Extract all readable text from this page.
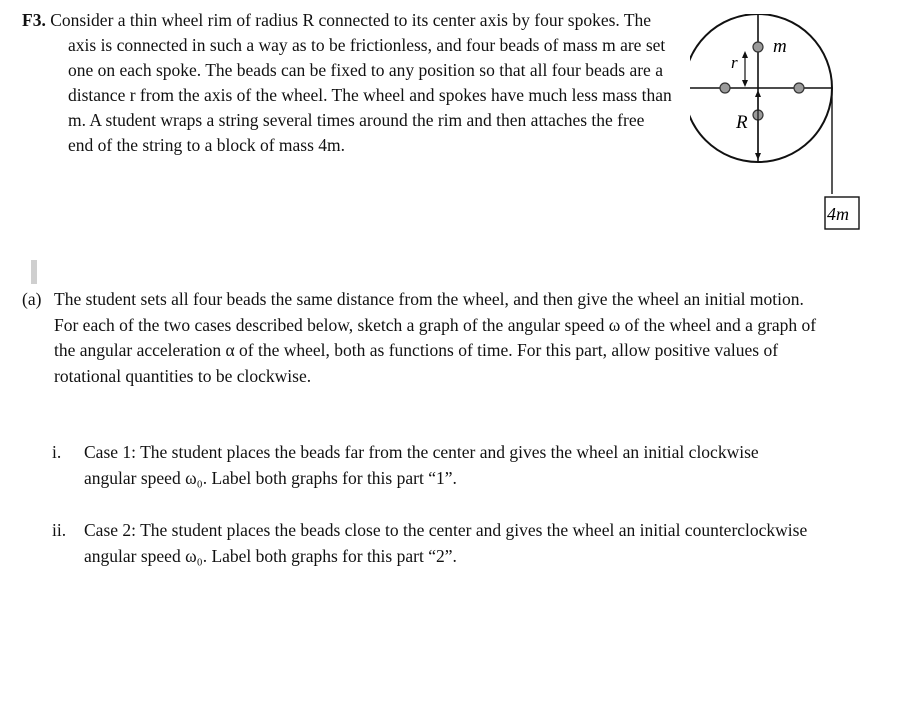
F3. Consider a thin wheel rim of radius R connected to its center axis by four spokes. The axis is connected in such a way as to be frictionless, and four beads of mass m are set one on each spoke. The beads can be fixed to any position so that all four beads are a distance r from the axis of the wheel. The wheel and spokes have much less mass than m. A student wraps a string several times around the rim and then attaches the free end of the string to a block of mass 4m.

m
r
R
4m
(a) The student sets all four beads the same distance from the wheel, and then give the wheel an initial motion. For each of the two cases described below, sketch a graph of the angular speed ω of the wheel and a graph of the angular acceleration α of the wheel, both as functions of time. For this part, allow positive values of rotational quantities to be clockwise.
i. Case 1: The student places the beads far from the center and gives the wheel an initial clockwise angular speed ω₀. Label both graphs for this part “1”.
ii. Case 2: The student places the beads close to the center and gives the wheel an initial counterclockwise angular speed ω₀. Label both graphs for this part “2”.
